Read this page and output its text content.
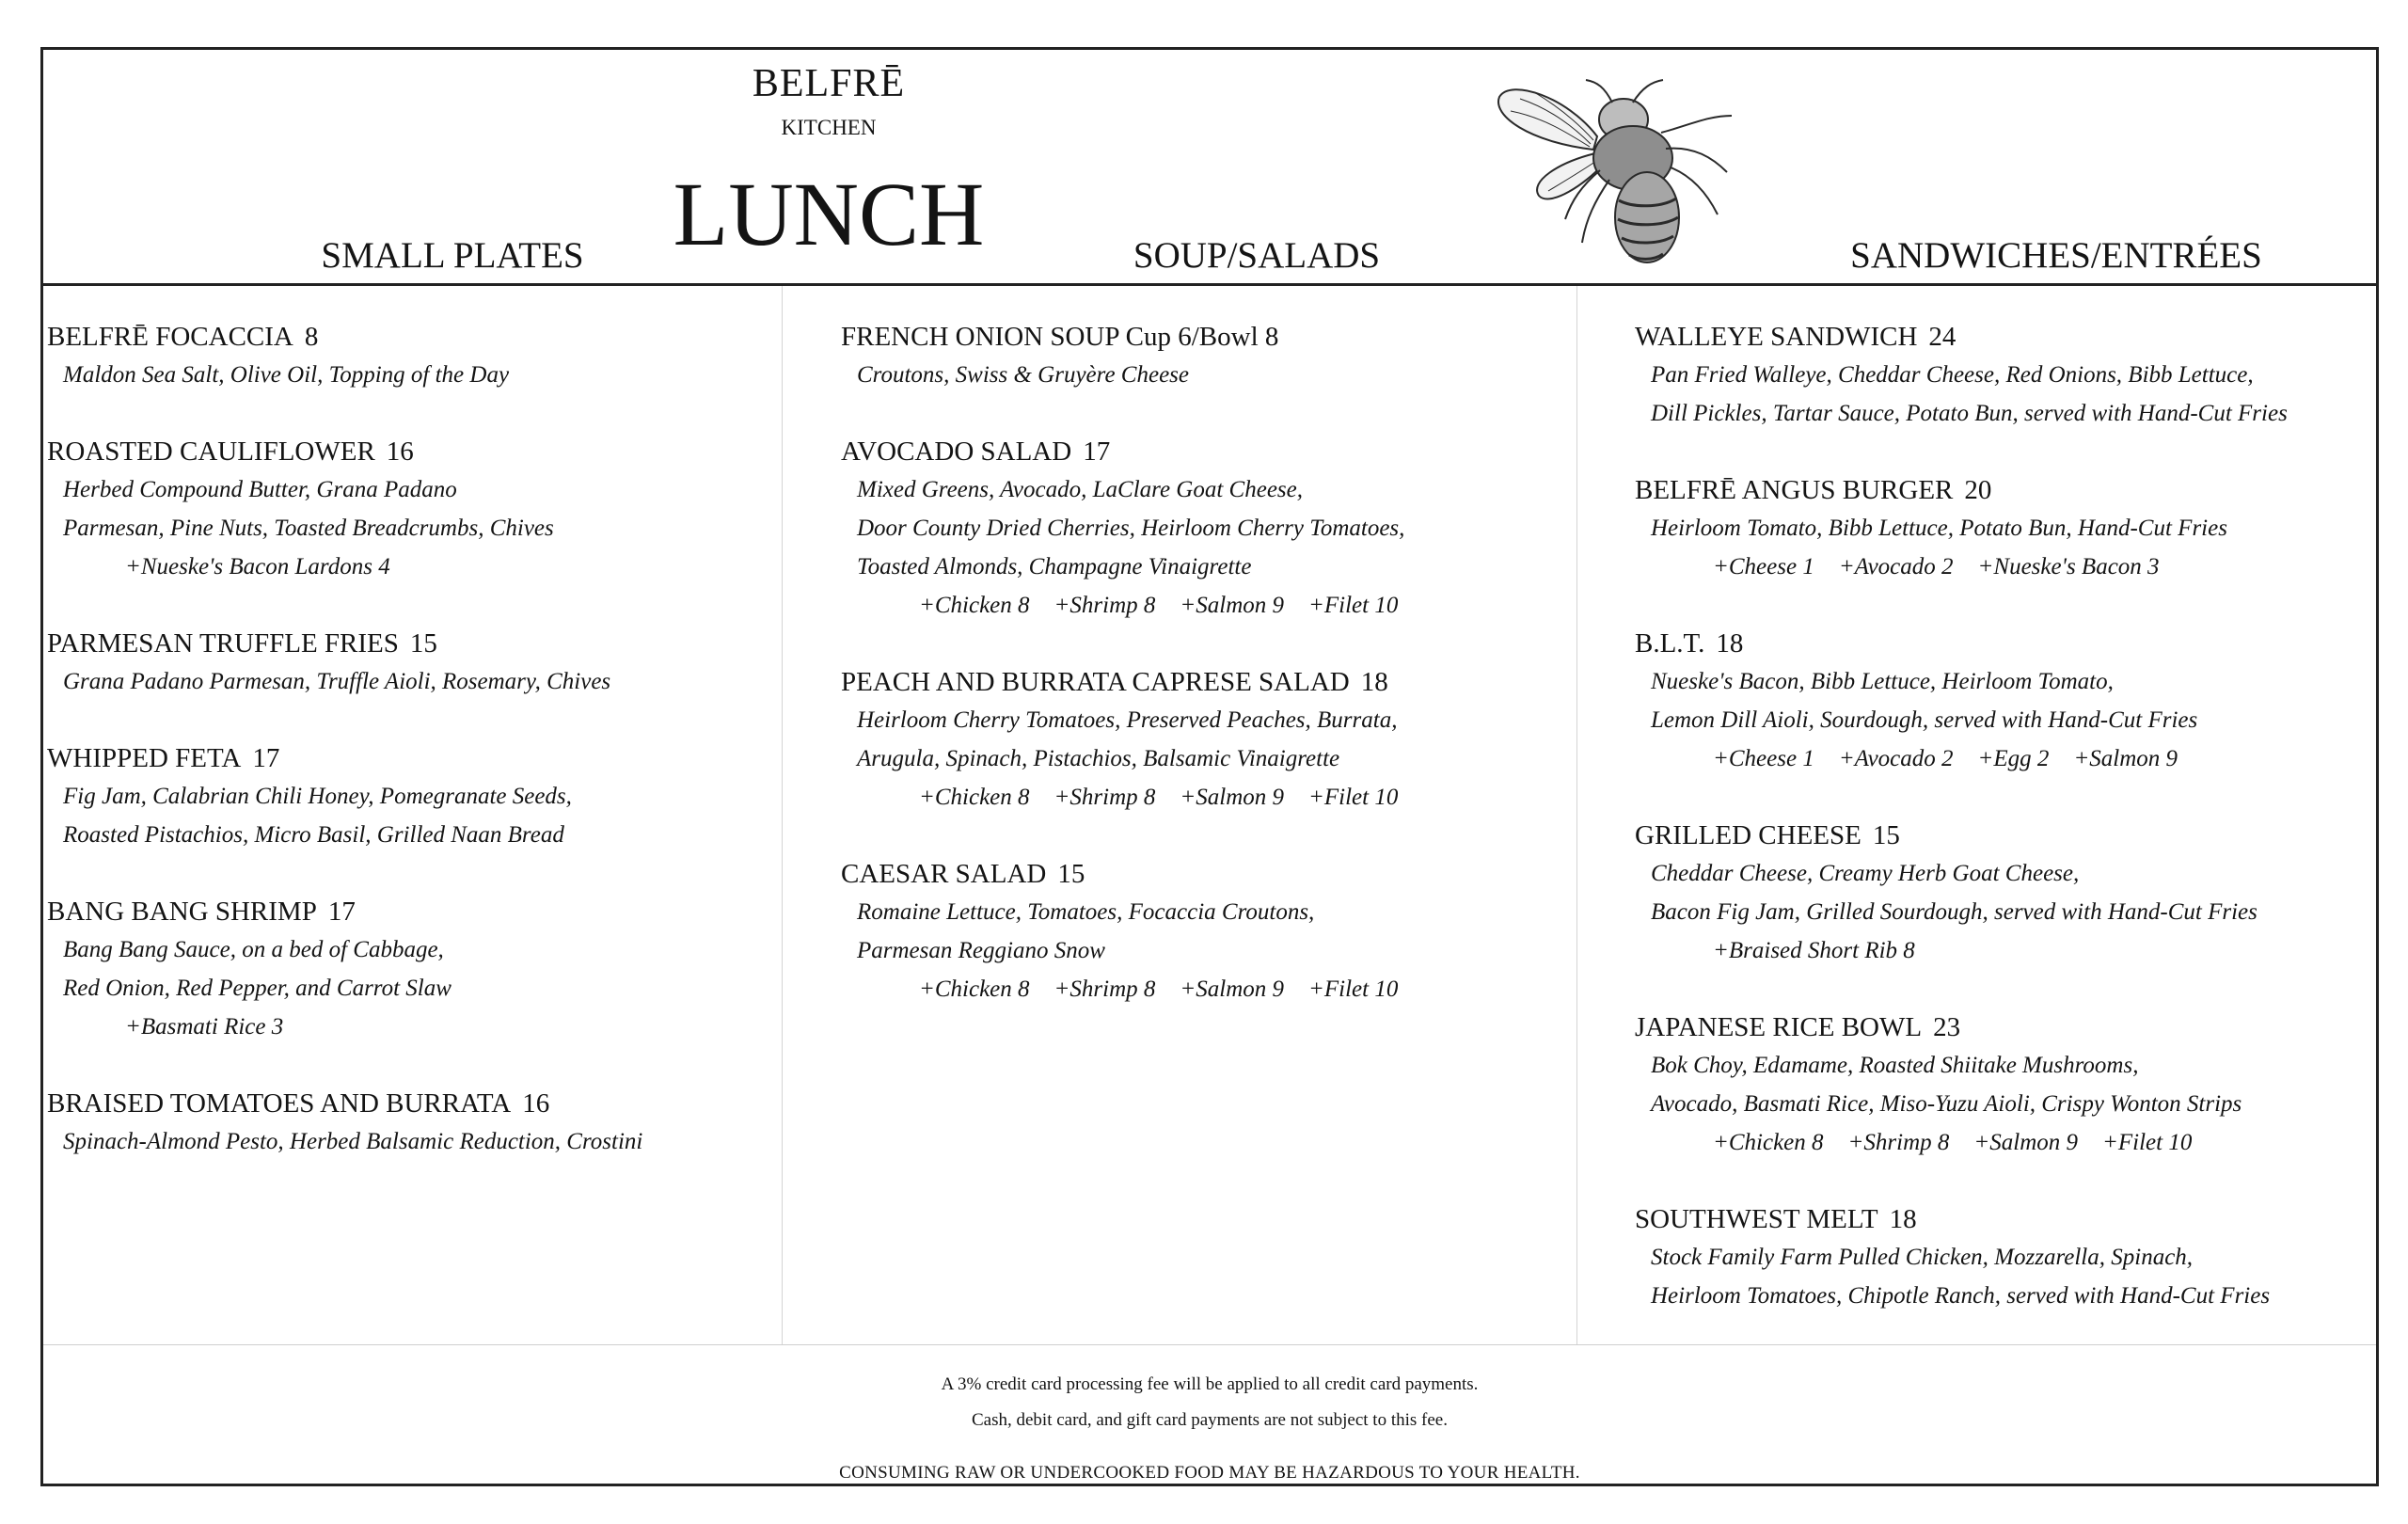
BELFRĒ
KITCHEN
LUNCH
SMALL PLATES	SOUP/SALADS	SANDWICHES/ENTRÉES
BELFRĒ FOCACCIA 8
Maldon Sea Salt, Olive Oil, Topping of the Day
ROASTED CAULIFLOWER 16
Herbed Compound Butter, Grana Padano
Parmesan, Pine Nuts, Toasted Breadcrumbs, Chives
+Nueske's Bacon Lardons 4
PARMESAN TRUFFLE FRIES 15
Grana Padano Parmesan, Truffle Aioli, Rosemary, Chives
WHIPPED FETA 17
Fig Jam, Calabrian Chili Honey, Pomegranate Seeds,
Roasted Pistachios, Micro Basil, Grilled Naan Bread
BANG BANG SHRIMP 17
Bang Bang Sauce, on a bed of Cabbage,
Red Onion, Red Pepper, and Carrot Slaw
+Basmati Rice 3
BRAISED TOMATOES AND BURRATA 16
Spinach-Almond Pesto, Herbed Balsamic Reduction, Crostini
FRENCH ONION SOUP Cup 6/Bowl 8
Croutons, Swiss & Gruyère Cheese
AVOCADO SALAD 17
Mixed Greens, Avocado, LaClare Goat Cheese,
Door County Dried Cherries, Heirloom Cherry Tomatoes,
Toasted Almonds, Champagne Vinaigrette
+Chicken 8 +Shrimp 8 +Salmon 9 +Filet 10
PEACH AND BURRATA CAPRESE SALAD 18
Heirloom Cherry Tomatoes, Preserved Peaches, Burrata,
Arugula, Spinach, Pistachios, Balsamic Vinaigrette
+Chicken 8 +Shrimp 8 +Salmon 9 +Filet 10
CAESAR SALAD 15
Romaine Lettuce, Tomatoes, Focaccia Croutons,
Parmesan Reggiano Snow
+Chicken 8 +Shrimp 8 +Salmon 9 +Filet 10
WALLEYE SANDWICH 24
Pan Fried Walleye, Cheddar Cheese, Red Onions, Bibb Lettuce,
Dill Pickles, Tartar Sauce, Potato Bun, served with Hand-Cut Fries
BELFRĒ ANGUS BURGER 20
Heirloom Tomato, Bibb Lettuce, Potato Bun, Hand-Cut Fries
+Cheese 1 +Avocado 2 +Nueske's Bacon 3
B.L.T. 18
Nueske's Bacon, Bibb Lettuce, Heirloom Tomato,
Lemon Dill Aioli, Sourdough, served with Hand-Cut Fries
+Cheese 1 +Avocado 2 +Egg 2 +Salmon 9
GRILLED CHEESE 15
Cheddar Cheese, Creamy Herb Goat Cheese,
Bacon Fig Jam, Grilled Sourdough, served with Hand-Cut Fries
+Braised Short Rib 8
JAPANESE RICE BOWL 23
Bok Choy, Edamame, Roasted Shiitake Mushrooms,
Avocado, Basmati Rice, Miso-Yuzu Aioli, Crispy Wonton Strips
+Chicken 8 +Shrimp 8 +Salmon 9 +Filet 10
SOUTHWEST MELT 18
Stock Family Farm Pulled Chicken, Mozzarella, Spinach,
Heirloom Tomatoes, Chipotle Ranch, served with Hand-Cut Fries
A 3% credit card processing fee will be applied to all credit card payments.
Cash, debit card, and gift card payments are not subject to this fee.
CONSUMING RAW OR UNDERCOOKED FOOD MAY BE HAZARDOUS TO YOUR HEALTH.
